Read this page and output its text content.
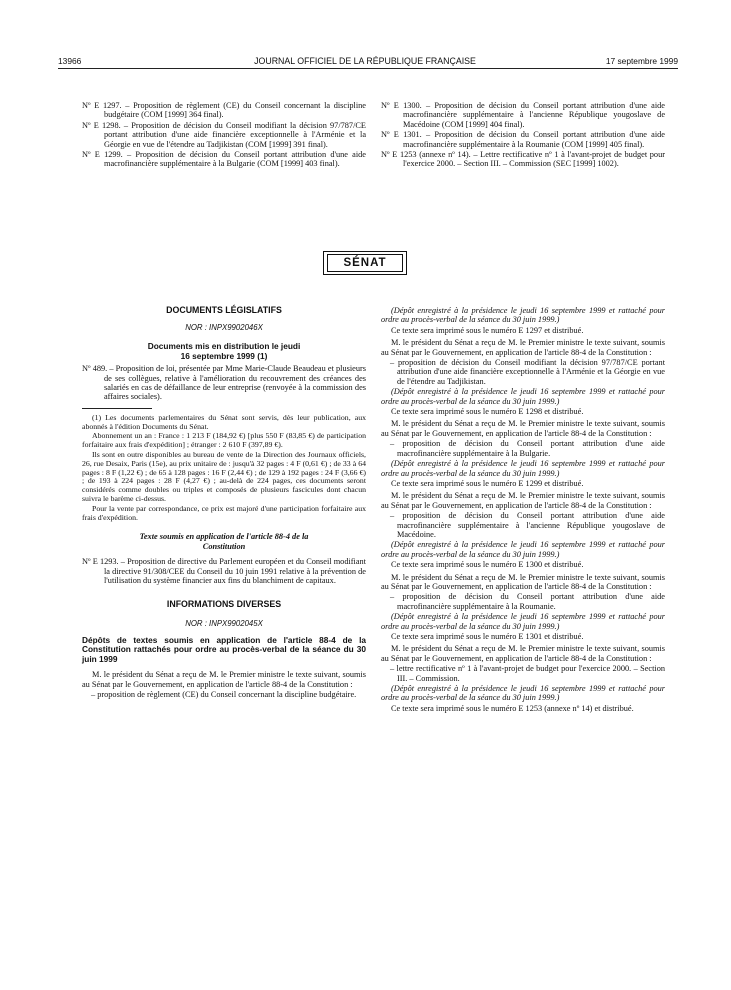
13966	JOURNAL OFFICIEL DE LA RÉPUBLIQUE FRANÇAISE	17 septembre 1999

Nº E 1297. – Proposition de règlement (CE) du Conseil concernant la discipline budgétaire (COM [1999] 364 final).

Nº E 1298. – Proposition de décision du Conseil modifiant la décision 97/787/CE portant attribution d'une aide financière exceptionnelle à l'Arménie et la Géorgie en vue de l'étendre au Tadjikistan (COM [1999] 391 final).

Nº E 1299. – Proposition de décision du Conseil portant attribution d'une aide macrofinancière supplémentaire à la Bulgarie (COM [1999] 403 final).

Nº E 1300. – Proposition de décision du Conseil portant attribution d'une aide macrofinancière supplémentaire à l'ancienne République yougoslave de Macédoine (COM [1999] 404 final).

Nº E 1301. – Proposition de décision du Conseil portant attribution d'une aide macrofinancière supplémentaire à la Roumanie (COM [1999] 405 final).

Nº E 1253 (annexe nº 14). – Lettre rectificative nº 1 à l'avant-projet de budget pour l'exercice 2000. – Section III. – Commission (SEC [1999] 1002).

SÉNAT

DOCUMENTS LÉGISLATIFS

NOR : INPX9902046X

Documents mis en distribution le jeudi 16 septembre 1999 (1)

Nº 489. – Proposition de loi, présentée par Mme Marie-Claude Beaudeau et plusieurs de ses collègues, relative à l'amélioration du recouvrement des créances des salariés en cas de défaillance de leur entreprise (renvoyée à la commission des affaires sociales).

(1) Les documents parlementaires du Sénat sont servis, dès leur publication, aux abonnés à l'édition Documents du Sénat.

Abonnement un an : France : 1 213 F (184,92 €) [plus 550 F (83,85 €) de participation forfaitaire aux frais d'expédition] ; étranger : 2 610 F (397,89 €).

Ils sont en outre disponibles au bureau de vente de la Direction des Journaux officiels, 26, rue Desaix, Paris (15e), au prix unitaire de : jusqu'à 32 pages : 4 F (0,61 €) ; de 33 à 64 pages : 8 F (1,22 €) ; de 65 à 128 pages : 16 F (2,44 €) ; de 129 à 192 pages : 24 F (3,66 €) ; de 193 à 224 pages : 28 F (4,27 €) ; au-delà de 224 pages, ces documents seront considérés comme doubles ou triples et composés de plusieurs fascicules dont chacun suivra le barème ci-dessus.

Pour la vente par correspondance, ce prix est majoré d'une participation forfaitaire aux frais d'expédition.

Texte soumis en application de l'article 88-4 de la Constitution

Nº E 1293. – Proposition de directive du Parlement européen et du Conseil modifiant la directive 91/308/CEE du Conseil du 10 juin 1991 relative à la prévention de l'utilisation du système financier aux fins du blanchiment de capitaux.

INFORMATIONS DIVERSES

NOR : INPX9902045X

Dépôts de textes soumis en application de l'article 88-4 de la Constitution rattachés pour ordre au procès-verbal de la séance du 30 juin 1999

M. le président du Sénat a reçu de M. le Premier ministre le texte suivant, soumis au Sénat par le Gouvernement, en application de l'article 88-4 de la Constitution :

– proposition de règlement (CE) du Conseil concernant la discipline budgétaire.

(Dépôt enregistré à la présidence le jeudi 16 septembre 1999 et rattaché pour ordre au procès-verbal de la séance du 30 juin 1999.)

Ce texte sera imprimé sous le numéro E 1297 et distribué.

M. le président du Sénat a reçu de M. le Premier ministre le texte suivant, soumis au Sénat par le Gouvernement, en application de l'article 88-4 de la Constitution :

– proposition de décision du Conseil modifiant la décision 97/787/CE portant attribution d'une aide financière exceptionnelle à l'Arménie et la Géorgie en vue de l'étendre au Tadjikistan.

(Dépôt enregistré à la présidence le jeudi 16 septembre 1999 et rattaché pour ordre au procès-verbal de la séance du 30 juin 1999.)

Ce texte sera imprimé sous le numéro E 1298 et distribué.

M. le président du Sénat a reçu de M. le Premier ministre le texte suivant, soumis au Sénat par le Gouvernement, en application de l'article 88-4 de la Constitution :

– proposition de décision du Conseil portant attribution d'une aide macrofinancière supplémentaire à la Bulgarie.

(Dépôt enregistré à la présidence le jeudi 16 septembre 1999 et rattaché pour ordre au procès-verbal de la séance du 30 juin 1999.)

Ce texte sera imprimé sous le numéro E 1299 et distribué.

M. le président du Sénat a reçu de M. le Premier ministre le texte suivant, soumis au Sénat par le Gouvernement, en application de l'article 88-4 de la Constitution :

– proposition de décision du Conseil portant attribution d'une aide macrofinancière supplémentaire à l'ancienne République yougoslave de Macédoine.

(Dépôt enregistré à la présidence le jeudi 16 septembre 1999 et rattaché pour ordre au procès-verbal de la séance du 30 juin 1999.)

Ce texte sera imprimé sous le numéro E 1300 et distribué.

M. le président du Sénat a reçu de M. le Premier ministre le texte suivant, soumis au Sénat par le Gouvernement, en application de l'article 88-4 de la Constitution :

– proposition de décision du Conseil portant attribution d'une aide macrofinancière supplémentaire à la Roumanie.

(Dépôt enregistré à la présidence le jeudi 16 septembre 1999 et rattaché pour ordre au procès-verbal de la séance du 30 juin 1999.)

Ce texte sera imprimé sous le numéro E 1301 et distribué.

M. le président du Sénat a reçu de M. le Premier ministre le texte suivant, soumis au Sénat par le Gouvernement, en application de l'article 88-4 de la Constitution :

– lettre rectificative nº 1 à l'avant-projet de budget pour l'exercice 2000. – Section III. – Commission.

(Dépôt enregistré à la présidence le jeudi 16 septembre 1999 et rattaché pour ordre au procès-verbal de la séance du 30 juin 1999.)

Ce texte sera imprimé sous le numéro E 1253 (annexe nº 14) et distribué.
